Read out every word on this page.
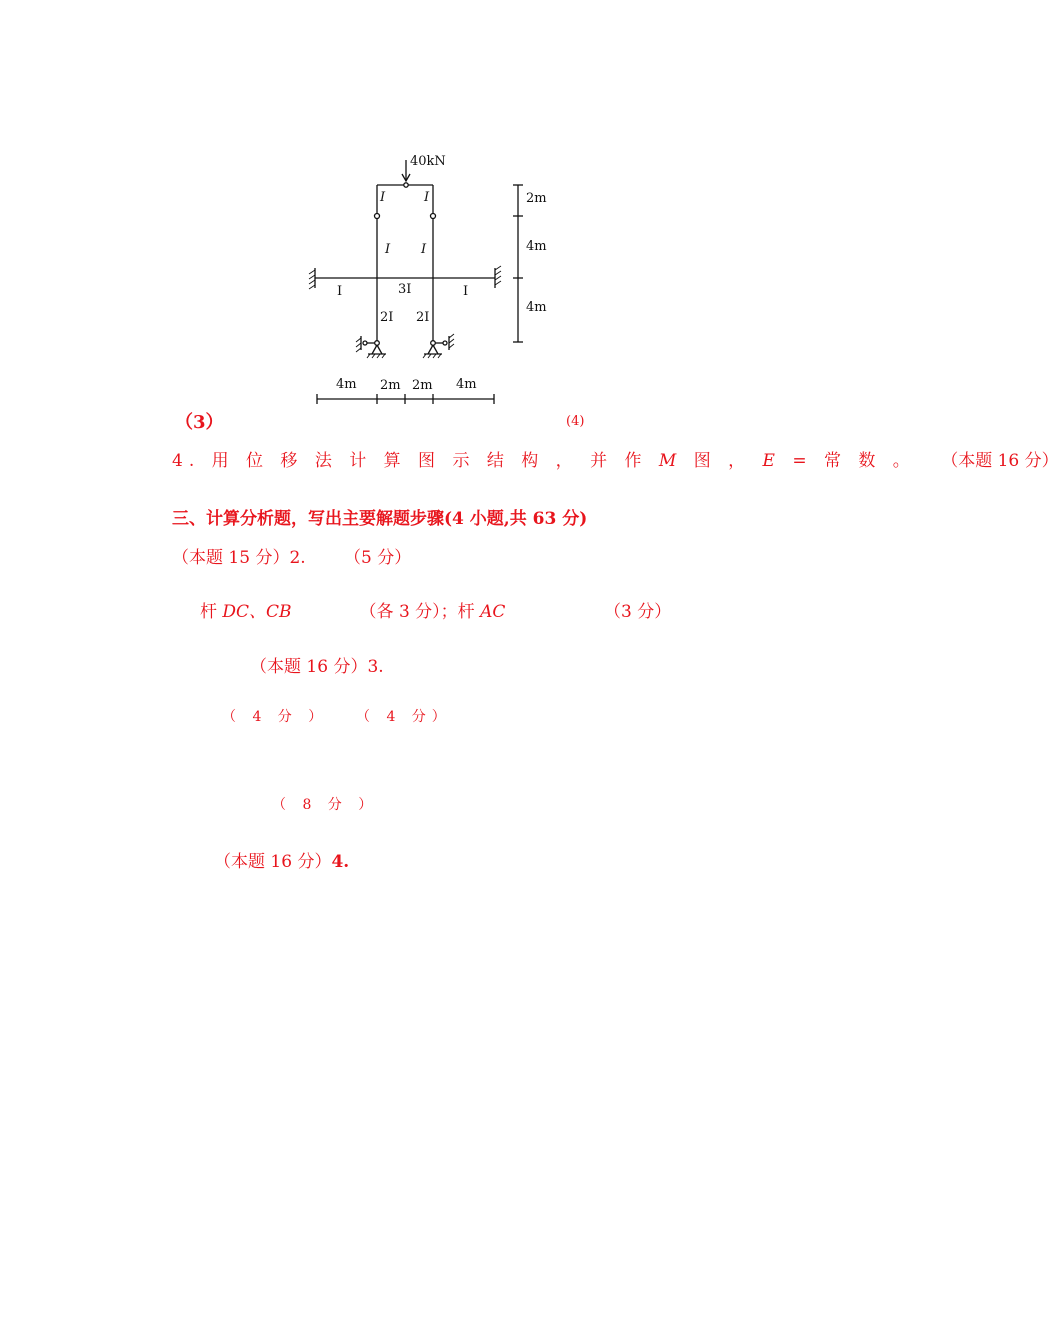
40kN
I	I
I I
I	3I	I
2I 2I
2m
4m
4m
4m 2m 2m 4m
（3）	(4)
4. 用 位 移 法 计 算 图 示 结 构 ， 并 作 M 图 ， E = 常 数 。 （本题 16 分）
三、计算分析题，写出主要解题步骤(4 小题,共 63 分)
（本题 15 分）2. （5 分）
杆 DC、CB	（各 3 分）；杆 AC	（3 分）
（本题 16 分）3.
（ 4 分 ） （ 4 分）
（ 8 分 ）
（本题 16 分）4.
